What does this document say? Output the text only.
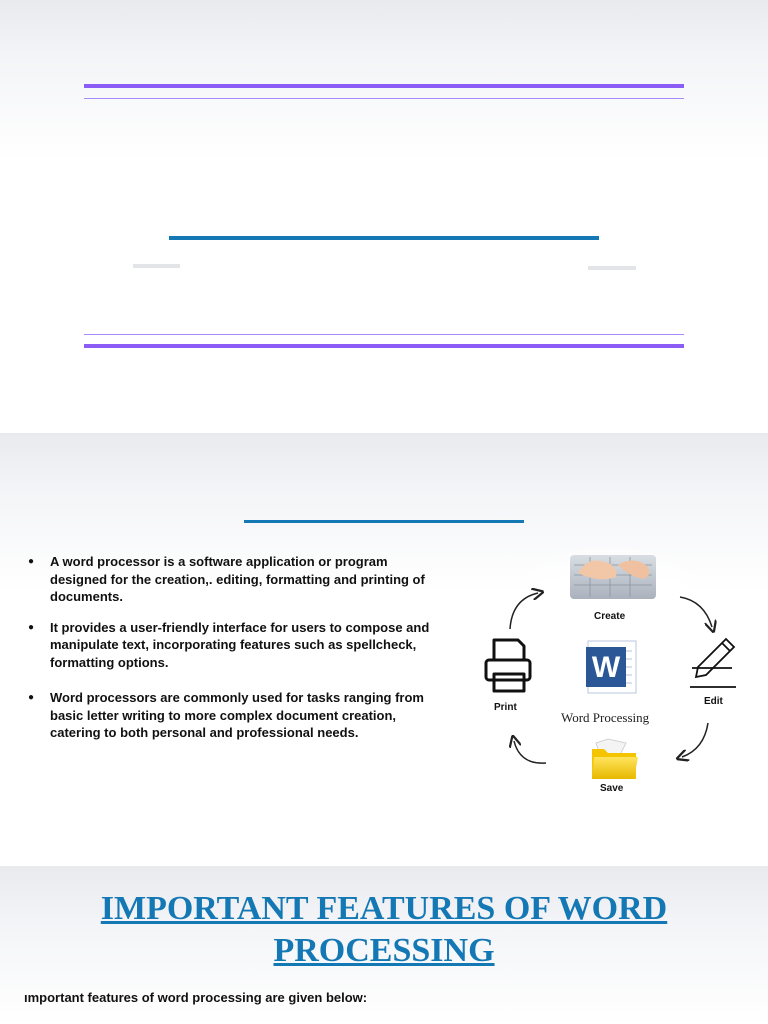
● A word processor is a software application or program designed for the creation,. editing, formatting and printing of documents.
● It provides a user-friendly interface for users to compose and manipulate text, incorporating features such as spellcheck, formatting options.
● Word processors are commonly used for tasks ranging from basic letter writing to more complex document creation, catering to both personal and professional needs.
W
Create
Edit
Save
Print
Word Processing
IMPORTANT FEATURES OF WORD PROCESSING
ımportant features of word processing are given below:
